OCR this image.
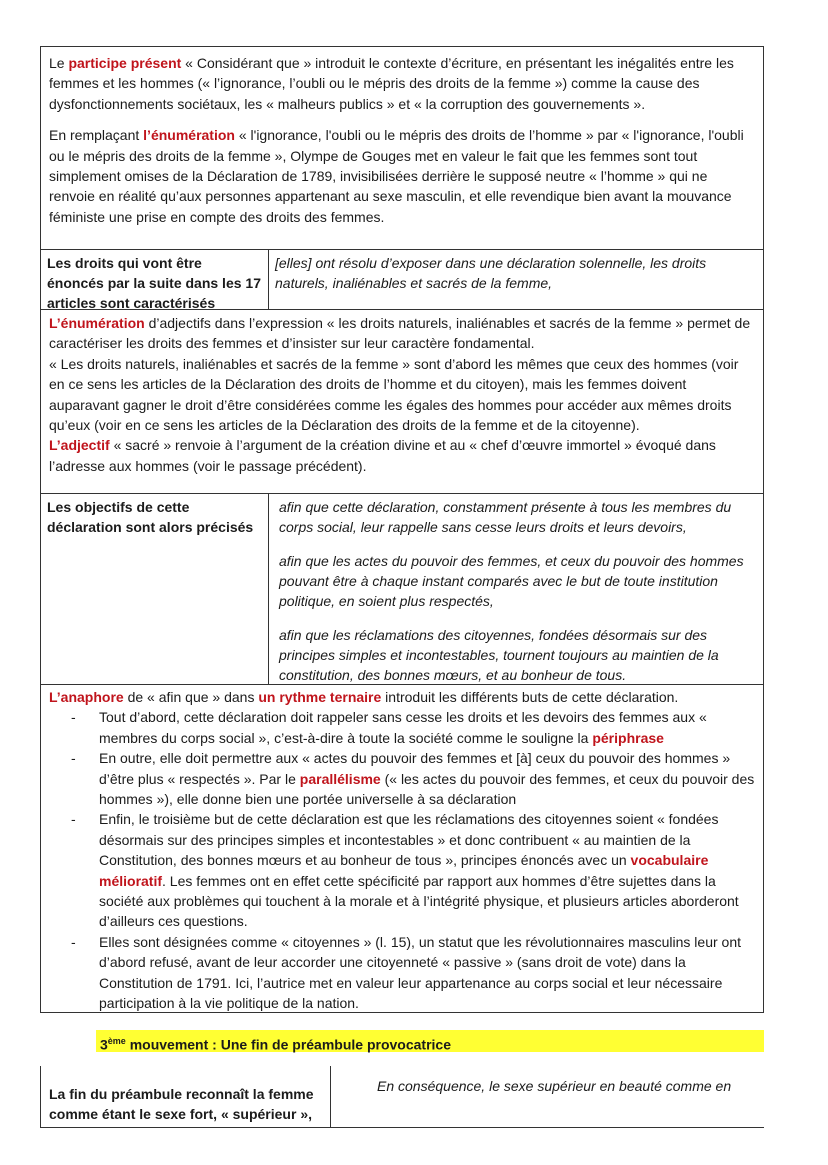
Le participe présent « Considérant que » introduit le contexte d’écriture, en présentant les inégalités entre les femmes et les hommes (« l’ignorance, l’oubli ou le mépris des droits de la femme ») comme la cause des dysfonctionnements sociétaux, les « malheurs publics » et « la corruption des gouvernements ».

En remplaçant l’énumération « l'ignorance, l'oubli ou le mépris des droits de l’homme » par « l'ignorance, l'oubli ou le mépris des droits de la femme », Olympe de Gouges met en valeur le fait que les femmes sont tout simplement omises de la Déclaration de 1789, invisibilisées derrière le supposé neutre « l’homme » qui ne renvoie en réalité qu’aux personnes appartenant au sexe masculin, et elle revendique bien avant la mouvance féministe une prise en compte des droits des femmes.

Les droits qui vont être énoncés par la suite dans les 17 articles sont caractérisés
[elles] ont résolu d’exposer dans une déclaration solennelle, les droits naturels, inaliénables et sacrés de la femme,

L’énumération d’adjectifs dans l’expression « les droits naturels, inaliénables et sacrés de la femme » permet de caractériser les droits des femmes et d’insister sur leur caractère fondamental.

« Les droits naturels, inaliénables et sacrés de la femme » sont d’abord les mêmes que ceux des hommes (voir en ce sens les articles de la Déclaration des droits de l’homme et du citoyen), mais les femmes doivent auparavant gagner le droit d’être considérées comme les égales des hommes pour accéder aux mêmes droits qu’eux (voir en ce sens les articles de la Déclaration des droits de la femme et de la citoyenne).

L’adjectif « sacré » renvoie à l’argument de la création divine et au « chef d’œuvre immortel » évoqué dans l’adresse aux hommes (voir le passage précédent).

Les objectifs de cette déclaration sont alors précisés

afin que cette déclaration, constamment présente à tous les membres du corps social, leur rappelle sans cesse leurs droits et leurs devoirs,

afin que les actes du pouvoir des femmes, et ceux du pouvoir des hommes pouvant être à chaque instant comparés avec le but de toute institution politique, en soient plus respectés,

afin que les réclamations des citoyennes, fondées désormais sur des principes simples et incontestables, tournent toujours au maintien de la constitution, des bonnes mœurs, et au bonheur de tous.

L’anaphore de « afin que » dans un rythme ternaire introduit les différents buts de cette déclaration.

- Tout d’abord, cette déclaration doit rappeler sans cesse les droits et les devoirs des femmes aux « membres du corps social », c’est-à-dire à toute la société comme le souligne la périphrase
- En outre, elle doit permettre aux « actes du pouvoir des femmes et [à] ceux du pouvoir des hommes » d’être plus « respectés ». Par le parallélisme (« les actes du pouvoir des femmes, et ceux du pouvoir des hommes »), elle donne bien une portée universelle à sa déclaration
- Enfin, le troisième but de cette déclaration est que les réclamations des citoyennes soient « fondées désormais sur des principes simples et incontestables » et donc contribuent « au maintien de la Constitution, des bonnes mœurs et au bonheur de tous », principes énoncés avec un vocabulaire mélioratif. Les femmes ont en effet cette spécificité par rapport aux hommes d’être sujettes dans la société aux problèmes qui touchent à la morale et à l’intégrité physique, et plusieurs articles aborderont d’ailleurs ces questions.
- Elles sont désignées comme « citoyennes » (l. 15), un statut que les révolutionnaires masculins leur ont d’abord refusé, avant de leur accorder une citoyenneté « passive » (sans droit de vote) dans la Constitution de 1791. Ici, l’autrice met en valeur leur appartenance au corps social et leur nécessaire participation à la vie politique de la nation.
3ème mouvement : Une fin de préambule provocatrice
La fin du préambule reconnaît la femme comme étant le sexe fort, « supérieur »,
En conséquence, le sexe supérieur en beauté comme en
